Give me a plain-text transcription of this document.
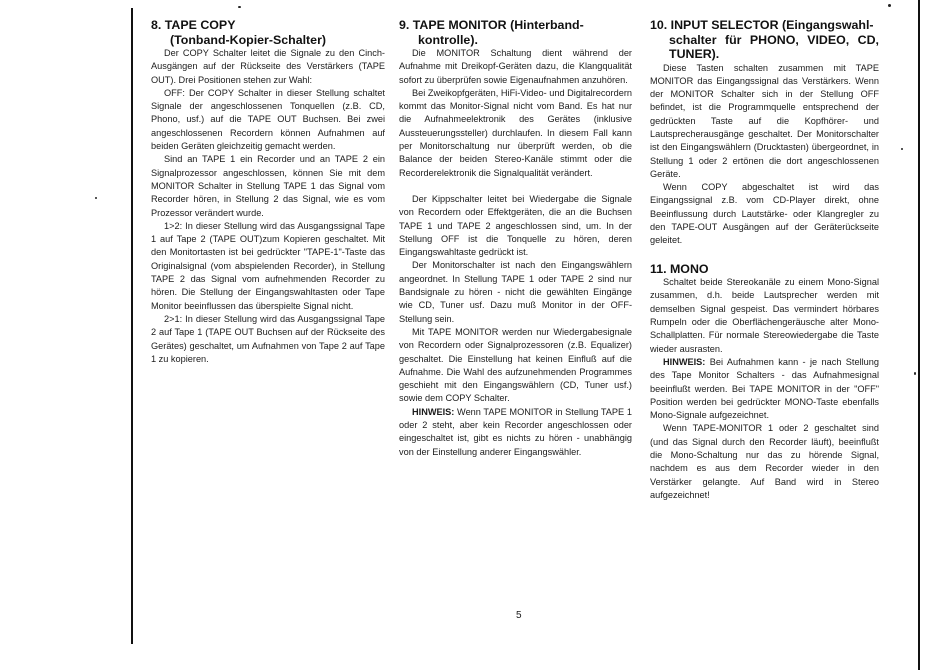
8. TAPE COPY
(Tonband-Kopier-Schalter)

Der COPY Schalter leitet die Signale zu den Cinch-Ausgängen auf der Rückseite des Verstärkers (TAPE OUT). Drei Positionen stehen zur Wahl:

OFF: Der COPY Schalter in dieser Stellung schaltet Signale der angeschlossenen Tonquellen (z.B. CD, Phono, usf.) auf die TAPE OUT Buchsen. Bei zwei angeschlossenen Recordern können Aufnahmen auf beiden Geräten gleichzeitig gemacht werden.

Sind an TAPE 1 ein Recorder und an TAPE 2 ein Signalprozessor angeschlossen, können Sie mit dem MONITOR Schalter in Stellung TAPE 1 das Signal vom Recorder hören, in Stellung 2 das Signal, wie es vom Prozessor verändert wurde.

1>2: In dieser Stellung wird das Ausgangssignal Tape 1 auf Tape 2 (TAPE OUT)zum Kopieren geschaltet. Mit den Monitortasten ist bei gedrückter "TAPE-1"-Taste das Originalsignal (vom abspielenden Recorder), in Stellung TAPE 2 das Signal vom aufnehmenden Recorder zu hören. Die Stellung der Eingangswahltasten oder Tape Monitor beeinflussen das überspielte Signal nicht.

2>1: In dieser Stellung wird das Ausgangssignal Tape 2 auf Tape 1 (TAPE OUT Buchsen auf der Rückseite des Gerätes) geschaltet, um Aufnahmen von Tape 2 auf Tape 1 zu kopieren.

9. TAPE MONITOR (Hinterband-
kontrolle).

Die MONITOR Schaltung dient während der Aufnahme mit Dreikopf-Geräten dazu, die Klangqualität sofort zu überprüfen sowie Eigenaufnahmen anzuhören.

Bei Zweikopfgeräten, HiFi-Video- und Digitalrecordern kommt das Monitor-Signal nicht vom Band. Es hat nur die Aufnahmeelektronik des Gerätes (inklusive Aussteuerungssteller) durchlaufen. In diesem Fall kann per Monitorschaltung nur überprüft werden, ob die Balance der beiden Stereo-Kanäle stimmt oder die Recorderelektronik die Signalqualität verändert.

Der Kippschalter leitet bei Wiedergabe die Signale von Recordern oder Effektgeräten, die an die Buchsen TAPE 1 und TAPE 2 angeschlossen sind, um. In der Stellung OFF ist die Tonquelle zu hören, deren Eingangswahltaste gedrückt ist.

Der Monitorschalter ist nach den Eingangswählern angeordnet. In Stellung TAPE 1 oder TAPE 2 sind nur Bandsignale zu hören - nicht die gewählten Eingänge wie CD, Tuner usf. Dazu muß Monitor in der OFF-Stellung sein.

Mit TAPE MONITOR werden nur Wiedergabesignale von Recordern oder Signalprozessoren (z.B. Equalizer) geschaltet. Die Einstellung hat keinen Einfluß auf die Aufnahme. Die Wahl des aufzunehmenden Programmes geschieht mit den Eingangswählern (CD, Tuner usf.) sowie dem COPY Schalter.

HINWEIS: Wenn TAPE MONITOR in Stellung TAPE 1 oder 2 steht, aber kein Recorder angeschlossen oder eingeschaltet ist, gibt es nichts zu hören - unabhängig von der Einstellung anderer Eingangswähler.

10. INPUT SELECTOR (Eingangswahl-
schalter für PHONO, VIDEO, CD, TUNER).

Diese Tasten schalten zusammen mit TAPE MONITOR das Eingangssignal das Verstärkers. Wenn der MONITOR Schalter sich in der Stellung OFF befindet, ist die Programmquelle entsprechend der gedrückten Taste auf die Kopfhörer- und Lautsprecherausgänge geschaltet. Der Monitorschalter ist den Eingangswählern (Drucktasten) übergeordnet, in Stellung 1 oder 2 ertönen die dort angeschlossenen Geräte.

Wenn COPY abgeschaltet ist wird das Eingangssignal z.B. vom CD-Player direkt, ohne Beeinflussung durch Lautstärke- oder Klangregler zu den TAPE-OUT Ausgängen auf der Geräterückseite geleitet.

11. MONO

Schaltet beide Stereokanäle zu einem Mono-Signal zusammen, d.h. beide Lautsprecher werden mit demselben Signal gespeist. Das vermindert hörbares Rumpeln oder die Oberflächengeräusche alter Mono-Schallplatten. Für normale Stereowiedergabe die Taste wieder ausrasten.

HINWEIS: Bei Aufnahmen kann - je nach Stellung des Tape Monitor Schalters - das Aufnahmesignal beeinflußt werden. Bei TAPE MONITOR in der "OFF" Position werden bei gedrückter MONO-Taste ebenfalls Mono-Signale aufgezeichnet.

Wenn TAPE-MONITOR 1 oder 2 geschaltet sind (und das Signal durch den Recorder läuft), beeinflußt die Mono-Schaltung nur das zu hörende Signal, nachdem es aus dem Recorder wieder in den Verstärker gelangte. Auf Band wird in Stereo aufgezeichnet!

5
